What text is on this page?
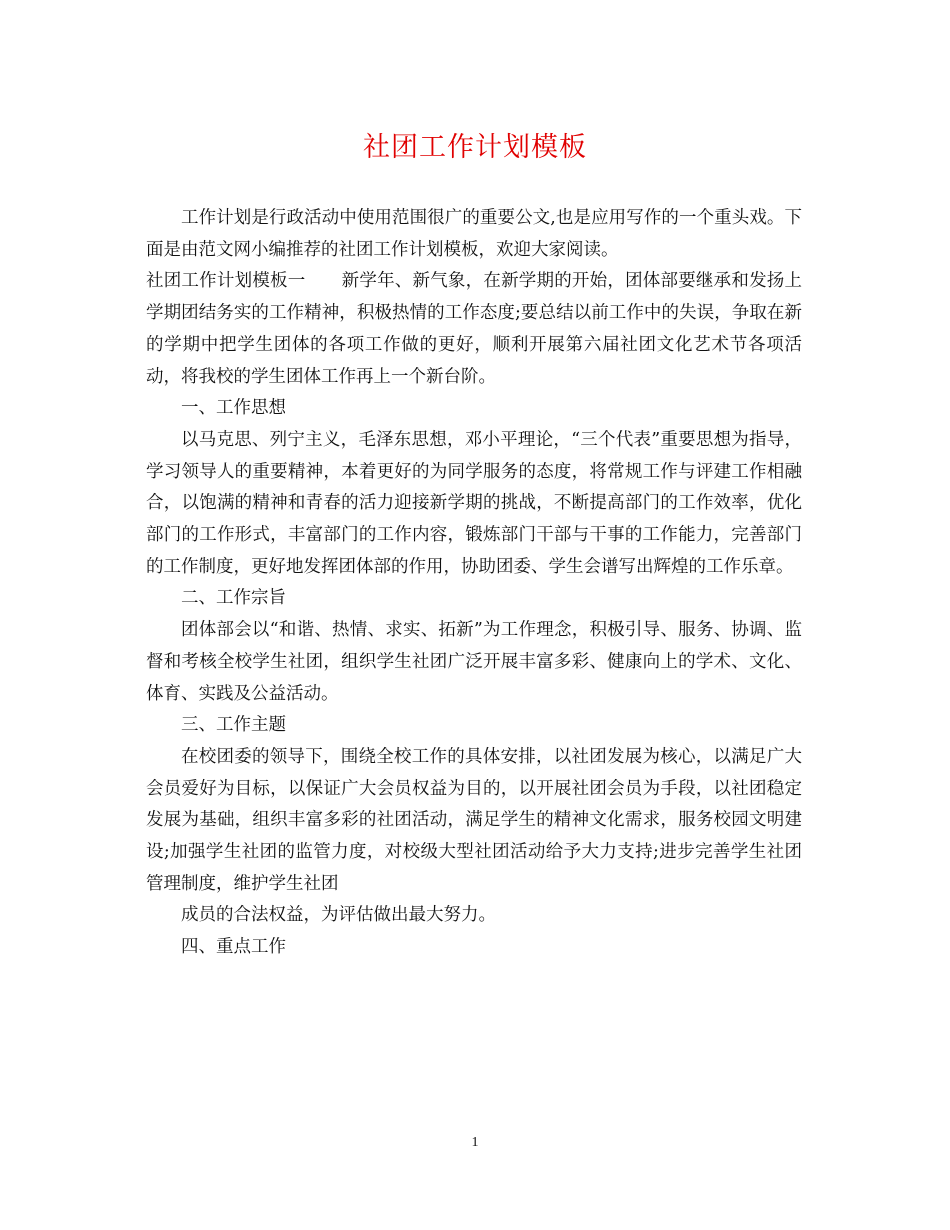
社团工作计划模板

工作计划是行政活动中使用范围很广的重要公文,也是应用写作的一个重头戏。下面是由范文网小编推荐的社团工作计划模板，欢迎大家阅读。

社团工作计划模板一 新学年、新气象，在新学期的开始，团体部要继承和发扬上学期团结务实的工作精神，积极热情的工作态度;要总结以前工作中的失误，争取在新的学期中把学生团体的各项工作做的更好，顺利开展第六届社团文化艺术节各项活动，将我校的学生团体工作再上一个新台阶。

一、工作思想

以马克思、列宁主义，毛泽东思想，邓小平理论，“三个代表”重要思想为指导，学习领导人的重要精神，本着更好的为同学服务的态度，将常规工作与评建工作相融合，以饱满的精神和青春的活力迎接新学期的挑战，不断提高部门的工作效率，优化部门的工作形式，丰富部门的工作内容，锻炼部门干部与干事的工作能力，完善部门的工作制度，更好地发挥团体部的作用，协助团委、学生会谱写出辉煌的工作乐章。

二、工作宗旨

团体部会以“和谐、热情、求实、拓新”为工作理念，积极引导、服务、协调、监督和考核全校学生社团，组织学生社团广泛开展丰富多彩、健康向上的学术、文化、体育、实践及公益活动。

三、工作主题

在校团委的领导下，围绕全校工作的具体安排，以社团发展为核心，以满足广大会员爱好为目标，以保证广大会员权益为目的，以开展社团会员为手段，以社团稳定发展为基础，组织丰富多彩的社团活动，满足学生的精神文化需求，服务校园文明建设;加强学生社团的监管力度，对校级大型社团活动给予大力支持;进步完善学生社团管理制度，维护学生社团

成员的合法权益，为评估做出最大努力。

四、重点工作

1
